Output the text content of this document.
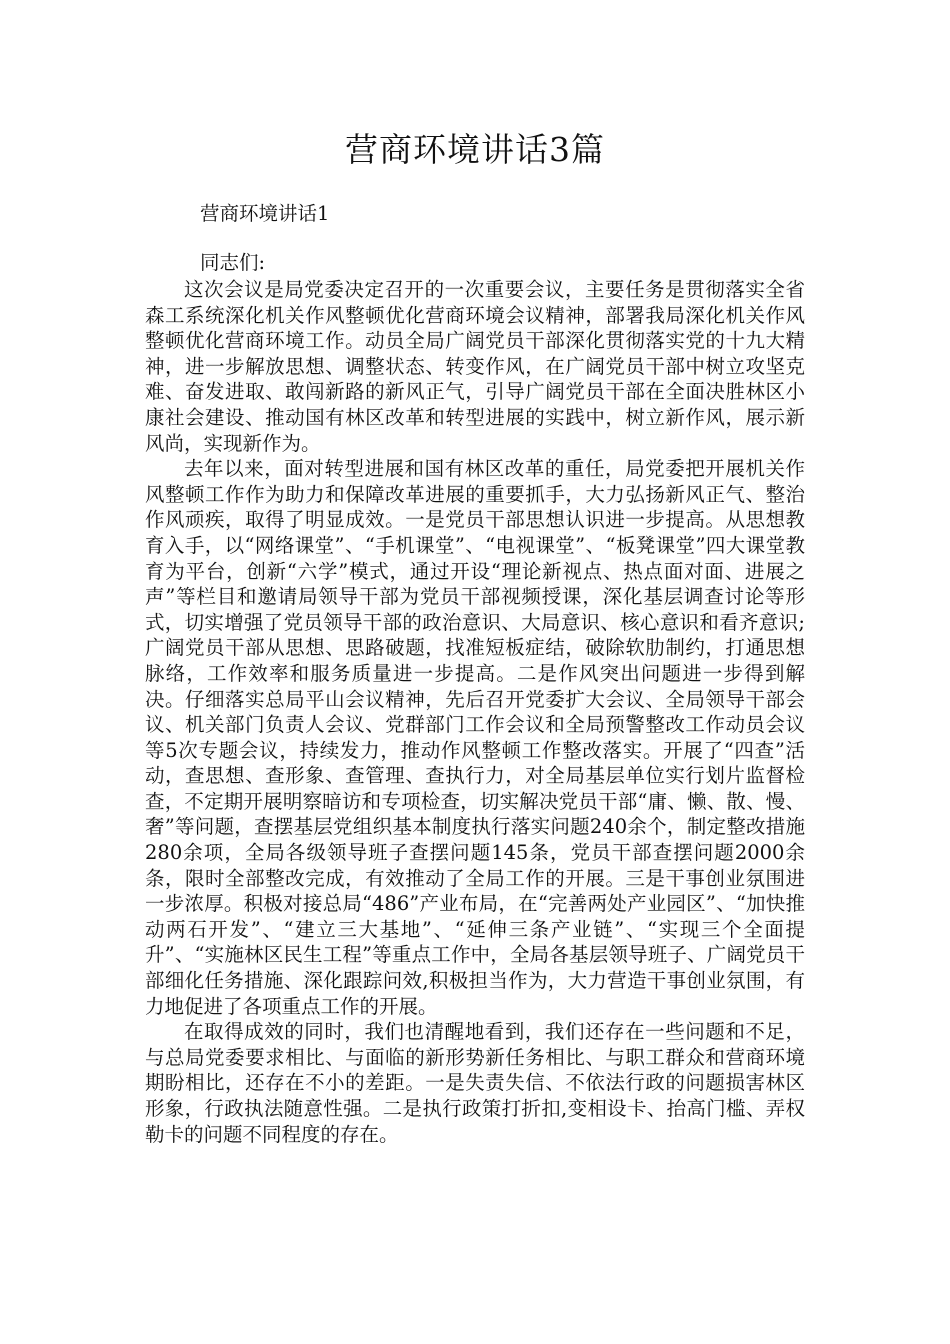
营商环境讲话3篇

营商环境讲话1

同志们:

这次会议是局党委决定召开的一次重要会议，主要任务是贯彻落实全省森工系统深化机关作风整顿优化营商环境会议精神，部署我局深化机关作风整顿优化营商环境工作。动员全局广阔党员干部深化贯彻落实党的十九大精神，进一步解放思想、调整状态、转变作风，在广阔党员干部中树立攻坚克难、奋发进取、敢闯新路的新风正气，引导广阔党员干部在全面决胜林区小康社会建设、推动国有林区改革和转型进展的实践中，树立新作风，展示新风尚，实现新作为。

去年以来，面对转型进展和国有林区改革的重任，局党委把开展机关作风整顿工作作为助力和保障改革进展的重要抓手，大力弘扬新风正气、整治作风顽疾，取得了明显成效。一是党员干部思想认识进一步提高。从思想教育入手，以“网络课堂”、“手机课堂”、“电视课堂”、“板凳课堂”四大课堂教育为平台，创新“六学”模式，通过开设“理论新视点、热点面对面、进展之声”等栏目和邀请局领导干部为党员干部视频授课，深化基层调查讨论等形式，切实增强了党员领导干部的政治意识、大局意识、核心意识和看齐意识;广阔党员干部从思想、思路破题，找准短板症结，破除软肋制约，打通思想脉络，工作效率和服务质量进一步提高。二是作风突出问题进一步得到解决。仔细落实总局平山会议精神，先后召开党委扩大会议、全局领导干部会议、机关部门负责人会议、党群部门工作会议和全局预警整改工作动员会议等5次专题会议，持续发力，推动作风整顿工作整改落实。开展了“四查”活动，查思想、查形象、查管理、查执行力，对全局基层单位实行划片监督检查，不定期开展明察暗访和专项检查，切实解决党员干部“庸、懒、散、慢、奢”等问题，查摆基层党组织基本制度执行落实问题240余个，制定整改措施280余项，全局各级领导班子查摆问题145条，党员干部查摆问题2000余条，限时全部整改完成，有效推动了全局工作的开展。三是干事创业氛围进一步浓厚。积极对接总局“486”产业布局，在“完善两处产业园区”、“加快推动两石开发”、“建立三大基地”、“延伸三条产业链”、“实现三个全面提升”、“实施林区民生工程”等重点工作中，全局各基层领导班子、广阔党员干部细化任务措施、深化跟踪问效,积极担当作为，大力营造干事创业氛围，有力地促进了各项重点工作的开展。

在取得成效的同时，我们也清醒地看到，我们还存在一些问题和不足，与总局党委要求相比、与面临的新形势新任务相比、与职工群众和营商环境期盼相比，还存在不小的差距。一是失责失信、不依法行政的问题损害林区形象，行政执法随意性强。二是执行政策打折扣,变相设卡、抬高门槛、弄权勒卡的问题不同程度的存在。
